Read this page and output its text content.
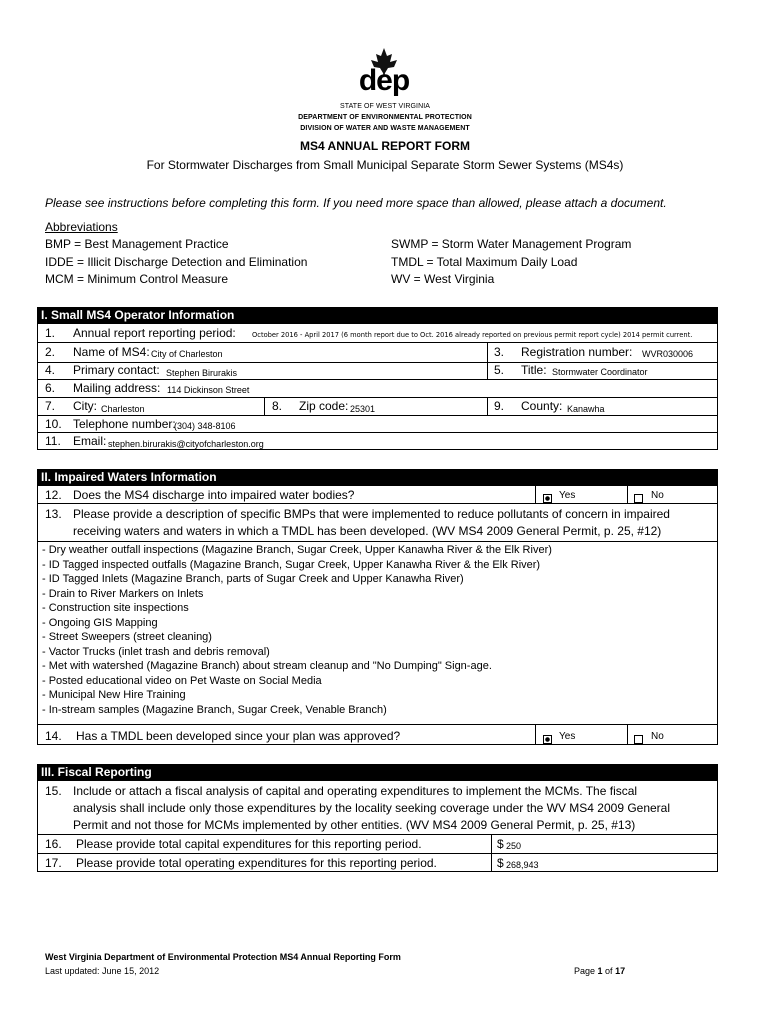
dep
STATE OF WEST VIRGINIA
DEPARTMENT OF ENVIRONMENTAL PROTECTION
DIVISION OF WATER AND WASTE MANAGEMENT
MS4 ANNUAL REPORT FORM
For Stormwater Discharges from Small Municipal Separate Storm Sewer Systems (MS4s)
Please see instructions before completing this form. If you need more space than allowed, please attach a document.
Abbreviations
BMP = Best Management Practice
IDDE = Illicit Discharge Detection and Elimination
MCM = Minimum Control Measure
SWMP = Storm Water Management Program
TMDL = Total Maximum Daily Load
WV = West Virginia
I. Small MS4 Operator Information
1. Annual report reporting period: October 2016 - April 2017 (6 month report due to Oct. 2016 already reported on previous permit report cycle) 2014 permit current.
2. Name of MS4: City of Charleston	3. Registration number: WVR030006
4. Primary contact: Stephen Birurakis	5. Title: Stormwater Coordinator
6. Mailing address: 114 Dickinson Street
7. City: Charleston	8. Zip code: 25301	9. County: Kanawha
10. Telephone number:
(304) 348-8106
11. Email: stephen.birurakis@cityofcharleston.org
II. Impaired Waters Information
12. Does the MS4 discharge into impaired water bodies?	Yes	No
13. Please provide a description of specific BMPs that were implemented to reduce pollutants of concern in impaired
receiving waters and waters in which a TMDL has been developed. (WV MS4 2009 General Permit, p. 25, #12)
- Dry weather outfall inspections (Magazine Branch, Sugar Creek, Upper Kanawha River & the Elk River)
- ID Tagged inspected outfalls (Magazine Branch, Sugar Creek, Upper Kanawha River & the Elk River)
- ID Tagged Inlets (Magazine Branch, parts of Sugar Creek and Upper Kanawha River)
- Drain to River Markers on Inlets
- Construction site inspections
- Ongoing GIS Mapping
- Street Sweepers (street cleaning)
- Vactor Trucks (inlet trash and debris removal)
- Met with watershed (Magazine Branch) about stream cleanup and "No Dumping" Sign-age.
- Posted educational video on Pet Waste on Social Media
- Municipal New Hire Training
- In-stream samples (Magazine Branch, Sugar Creek, Venable Branch)
14. Has a TMDL been developed since your plan was approved?	Yes	No
III. Fiscal Reporting
15. Include or attach a fiscal analysis of capital and operating expenditures to implement the MCMs. The fiscal
analysis shall include only those expenditures by the locality seeking coverage under the WV MS4 2009 General
Permit and not those for MCMs implemented by other entities. (WV MS4 2009 General Permit, p. 25, #13)
16. Please provide total capital expenditures for this reporting period.	$ 250
17. Please provide total operating expenditures for this reporting period.	$ 268,943
West Virginia Department of Environmental Protection MS4 Annual Reporting Form
Last updated: June 15, 2012	Page 1 of 17
